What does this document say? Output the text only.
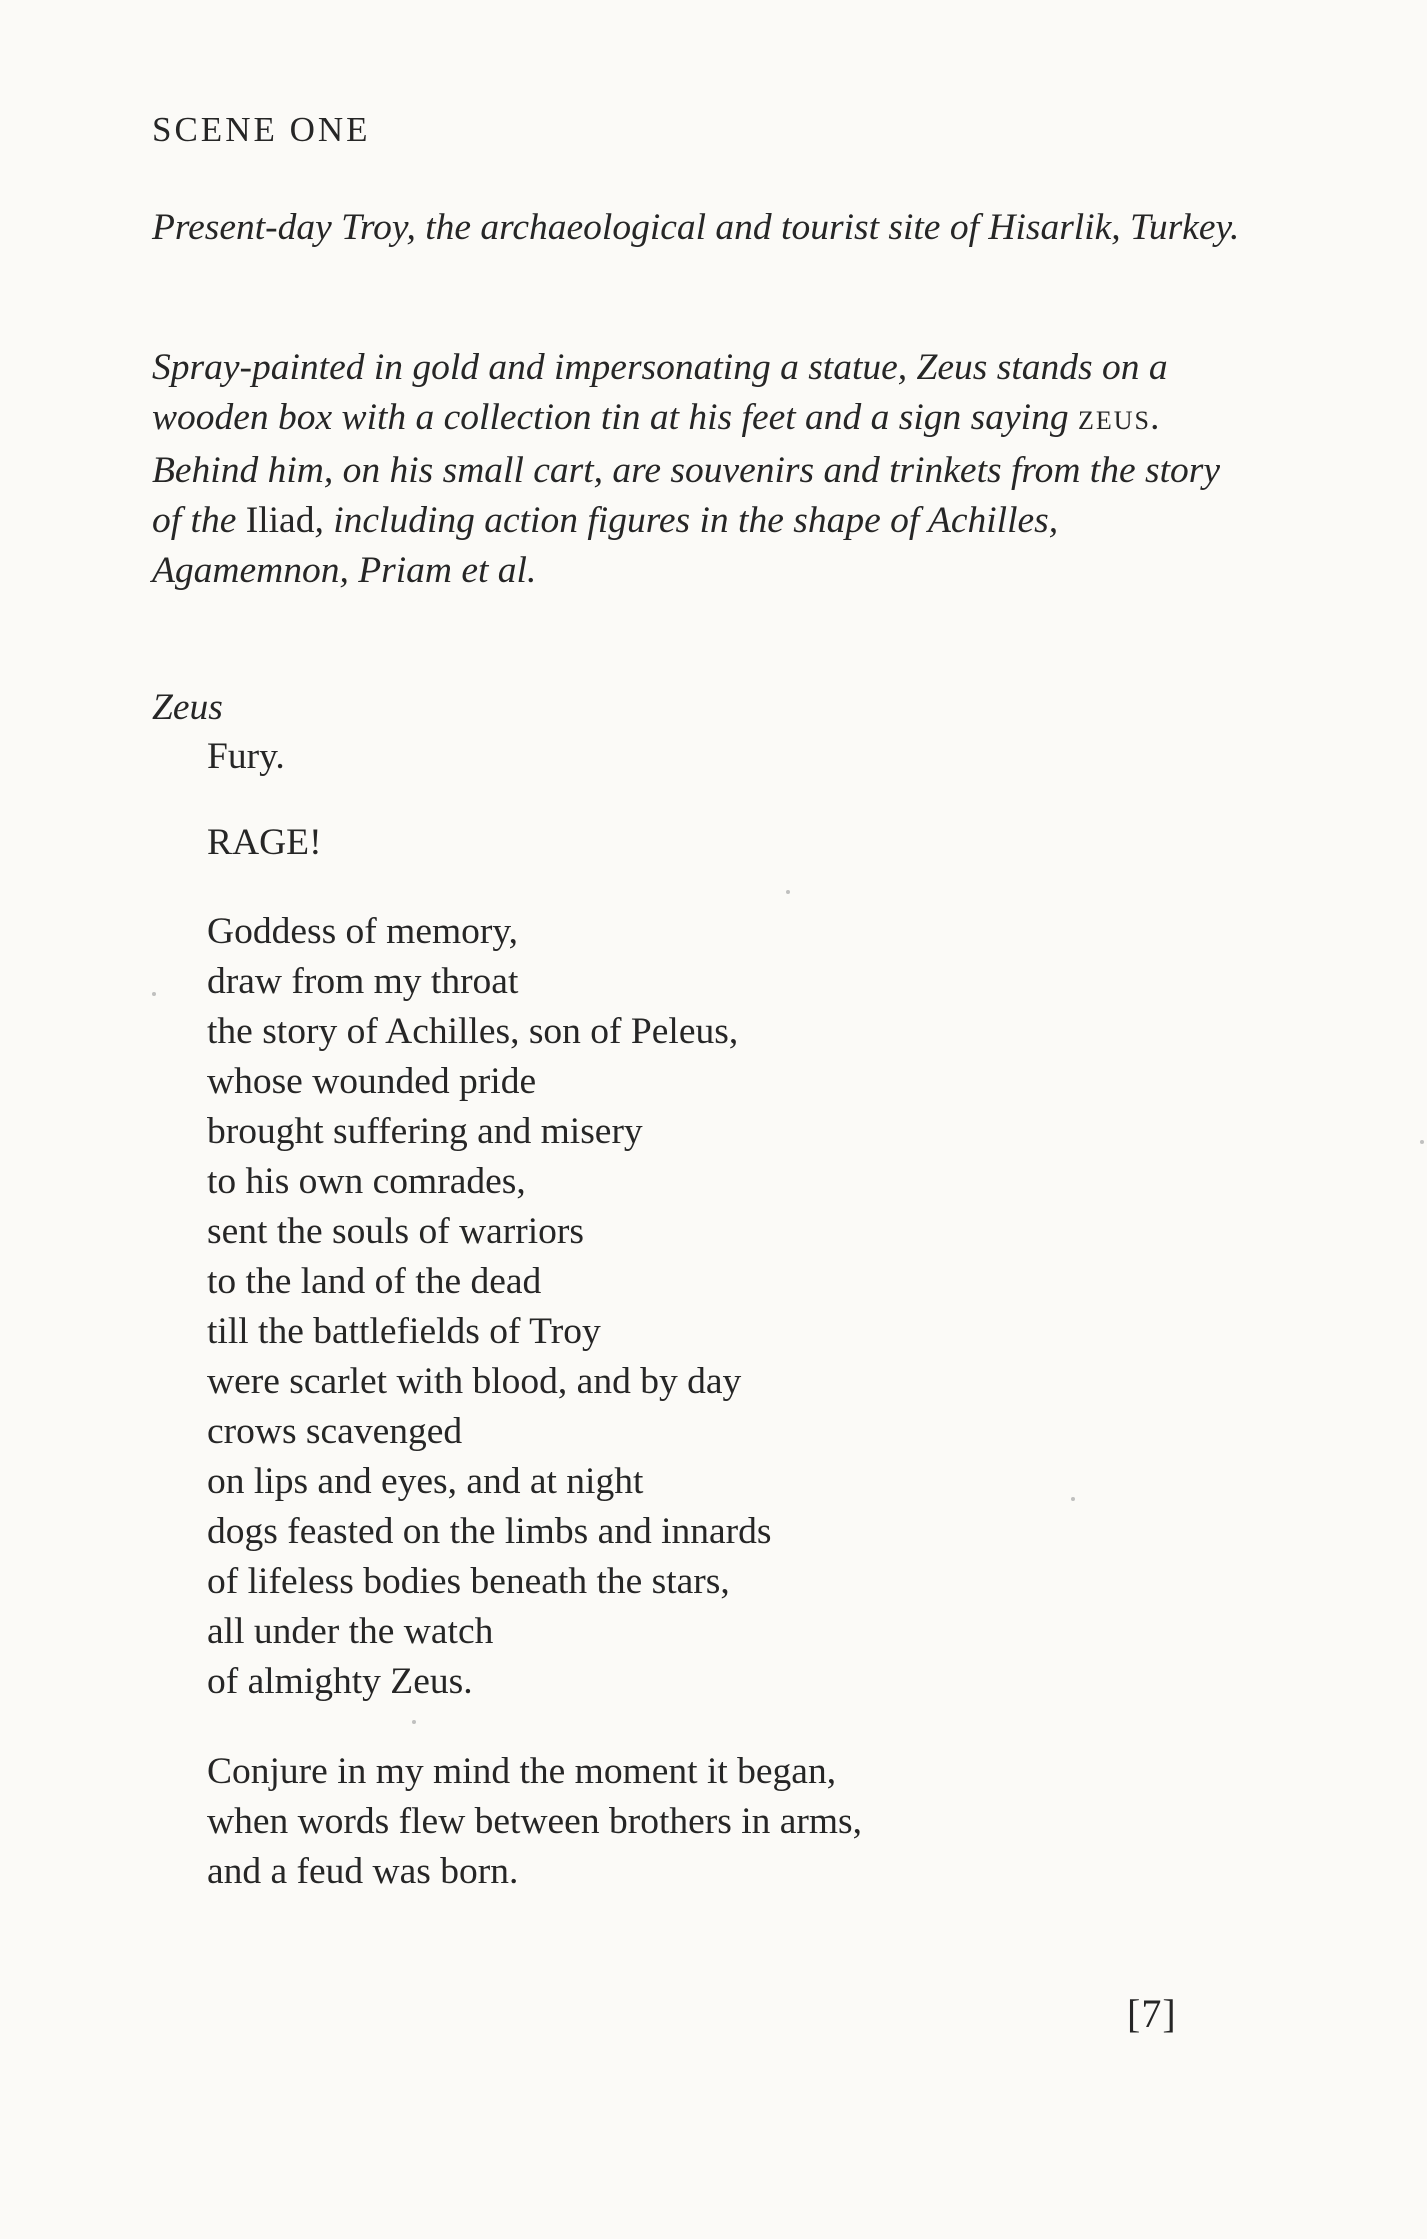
SCENE ONE

Present-day Troy, the archaeological and tourist site of Hisarlik, Turkey.

Spray-painted in gold and impersonating a statue, Zeus stands on a wooden box with a collection tin at his feet and a sign saying ZEUS. Behind him, on his small cart, are souvenirs and trinkets from the story of the Iliad, including action figures in the shape of Achilles, Agamemnon, Priam et al.

Zeus
Fury.
RAGE!
Goddess of memory,
draw from my throat
the story of Achilles, son of Peleus,
whose wounded pride
brought suffering and misery
to his own comrades,
sent the souls of warriors
to the land of the dead
till the battlefields of Troy
were scarlet with blood, and by day
crows scavenged
on lips and eyes, and at night
dogs feasted on the limbs and innards
of lifeless bodies beneath the stars,
all under the watch
of almighty Zeus.
Conjure in my mind the moment it began,
when words flew between brothers in arms,
and a feud was born.
[7]
